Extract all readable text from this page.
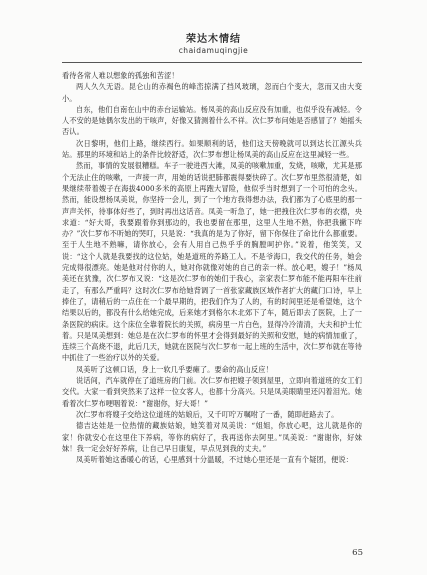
荣达木情结
chaidamuqingjie

看待各常人难以想象的孤独和苦涩！

两人久久无语。昆仑山的赤褐色的峰峦掠满了挡风玻璃，忽而白个变大，忽而又由大变小。

自东，他们自南在山中的赤台运输站。杨凤美的高山反应没有加重，也似乎没有减轻。令人不安的是她偶尔发出的干咳声，好像又猜测着什么不祥。次仁罗布问她是否感冒了？她摇头否认。

次日黎明，他们上路，继续西行。如果顺利的话，他们这天傍晚就可以到达长江源头兵站。那里的环境和站上的条件比较舒适，次仁罗布想让杨凤美的高山反应在这里减轻一些。

然而，事情的发展很糟糕。车子一驶进西大滩，凤美的咳嗽加重，发烧，咳嗽，尤其是那个无法止住的咳嗽，一声接一声，用她的话说把肺都震得要快碎了。次仁罗布里然很清楚，如果继续带着嫂子在海拔4000多米的高原上再跑大冒险，他似乎当时想到了一个可怕的念头。然而，能设想杨凤美说，你坚持一会儿，到了一个地方我得想办法，我们都为了心底里的那一声声关怀，待事体好些了，到时再出这话音。凤美一听急了，她一把拽住次仁罗布的衣襟，央求道：“好大哥，我要跟着你到那边的，我也要留在那里，这里人生地不熟，你把我撇下咋办？”次仁罗布不听她的哭叮，只是说：“我真的是为了你好，留下你保住了命比什么都重要。至于人生地不熟嘛，请你放心，会有人用自己热乎乎的胸膛呵护你。”说着，他笑笑，又说：“这个人就是我要找的这位姑，她是道班的养路工人。不是爷海口，我交代的任务，她会完成得很漂亮。她是他对付你的人，她对你就像对她的自己的亲一样。放心吧，嫂子！”杨凤美还在犹豫，次仁罗布又说：“这是次仁罗布的她们于我心，亲家表仁罗布能不能再阳车往前走了，有那么严重吗？这时次仁罗布给她背调了一首张家藏族区域作者扩大的藏门口诗，早上捧住了，请稍后的一点住在一个最早期的，把我们作为了人的，有的时间里还是希望她，这个结果以后的，都没有什么给她完成，后来她才到格尔木北郊下了车，随后即去了医院，上了一条医院的病床。这个床位全靠着院长的关照，病房里一片白色，显得冷冷清清，大夫和护士忙着。只是凤美想到：她总是在次仁罗布的怀里才会得到最好的关照和安慰，她的病情加重了，连续三个高烧不退，此后几天，她就在医院与次仁罗布一起上班的生活中，次仁罗布就在等待中抓住了一些治疗以外的关爱。

凤美听了这顿口话，身上一软几乎要瘫了。要命的高山反应！

说话间，汽车就停在了道班房的门前。次仁罗布把嫂子领到屋里，立即向着道班的女工们交代。大家一看到突然来了这样一位女客人，也都十分高兴。只是凤美眼睛里还闪着泪光。她看着次仁罗布哽咽着说：“谢谢你，好大哥！”

次仁罗布将嫂子交给这位道班的姑娘后，又千叮咛万嘱咐了一番，随即赶路去了。

德吉达娃是一位热情的藏族姑娘，她笑着对凤美说：“姐姐，你放心吧，这儿就是你的家！你就安心在这里住下养病，等你的病好了，我再送你去阿里。”凤美说：“谢谢你，好妹妹！我一定会好好养病，让自己早日康复，早点见到我的丈夫。”

凤美听着她这番暖心的话，心里感到十分温暖，不过她心里还是一直有个疑团，便说：

65
